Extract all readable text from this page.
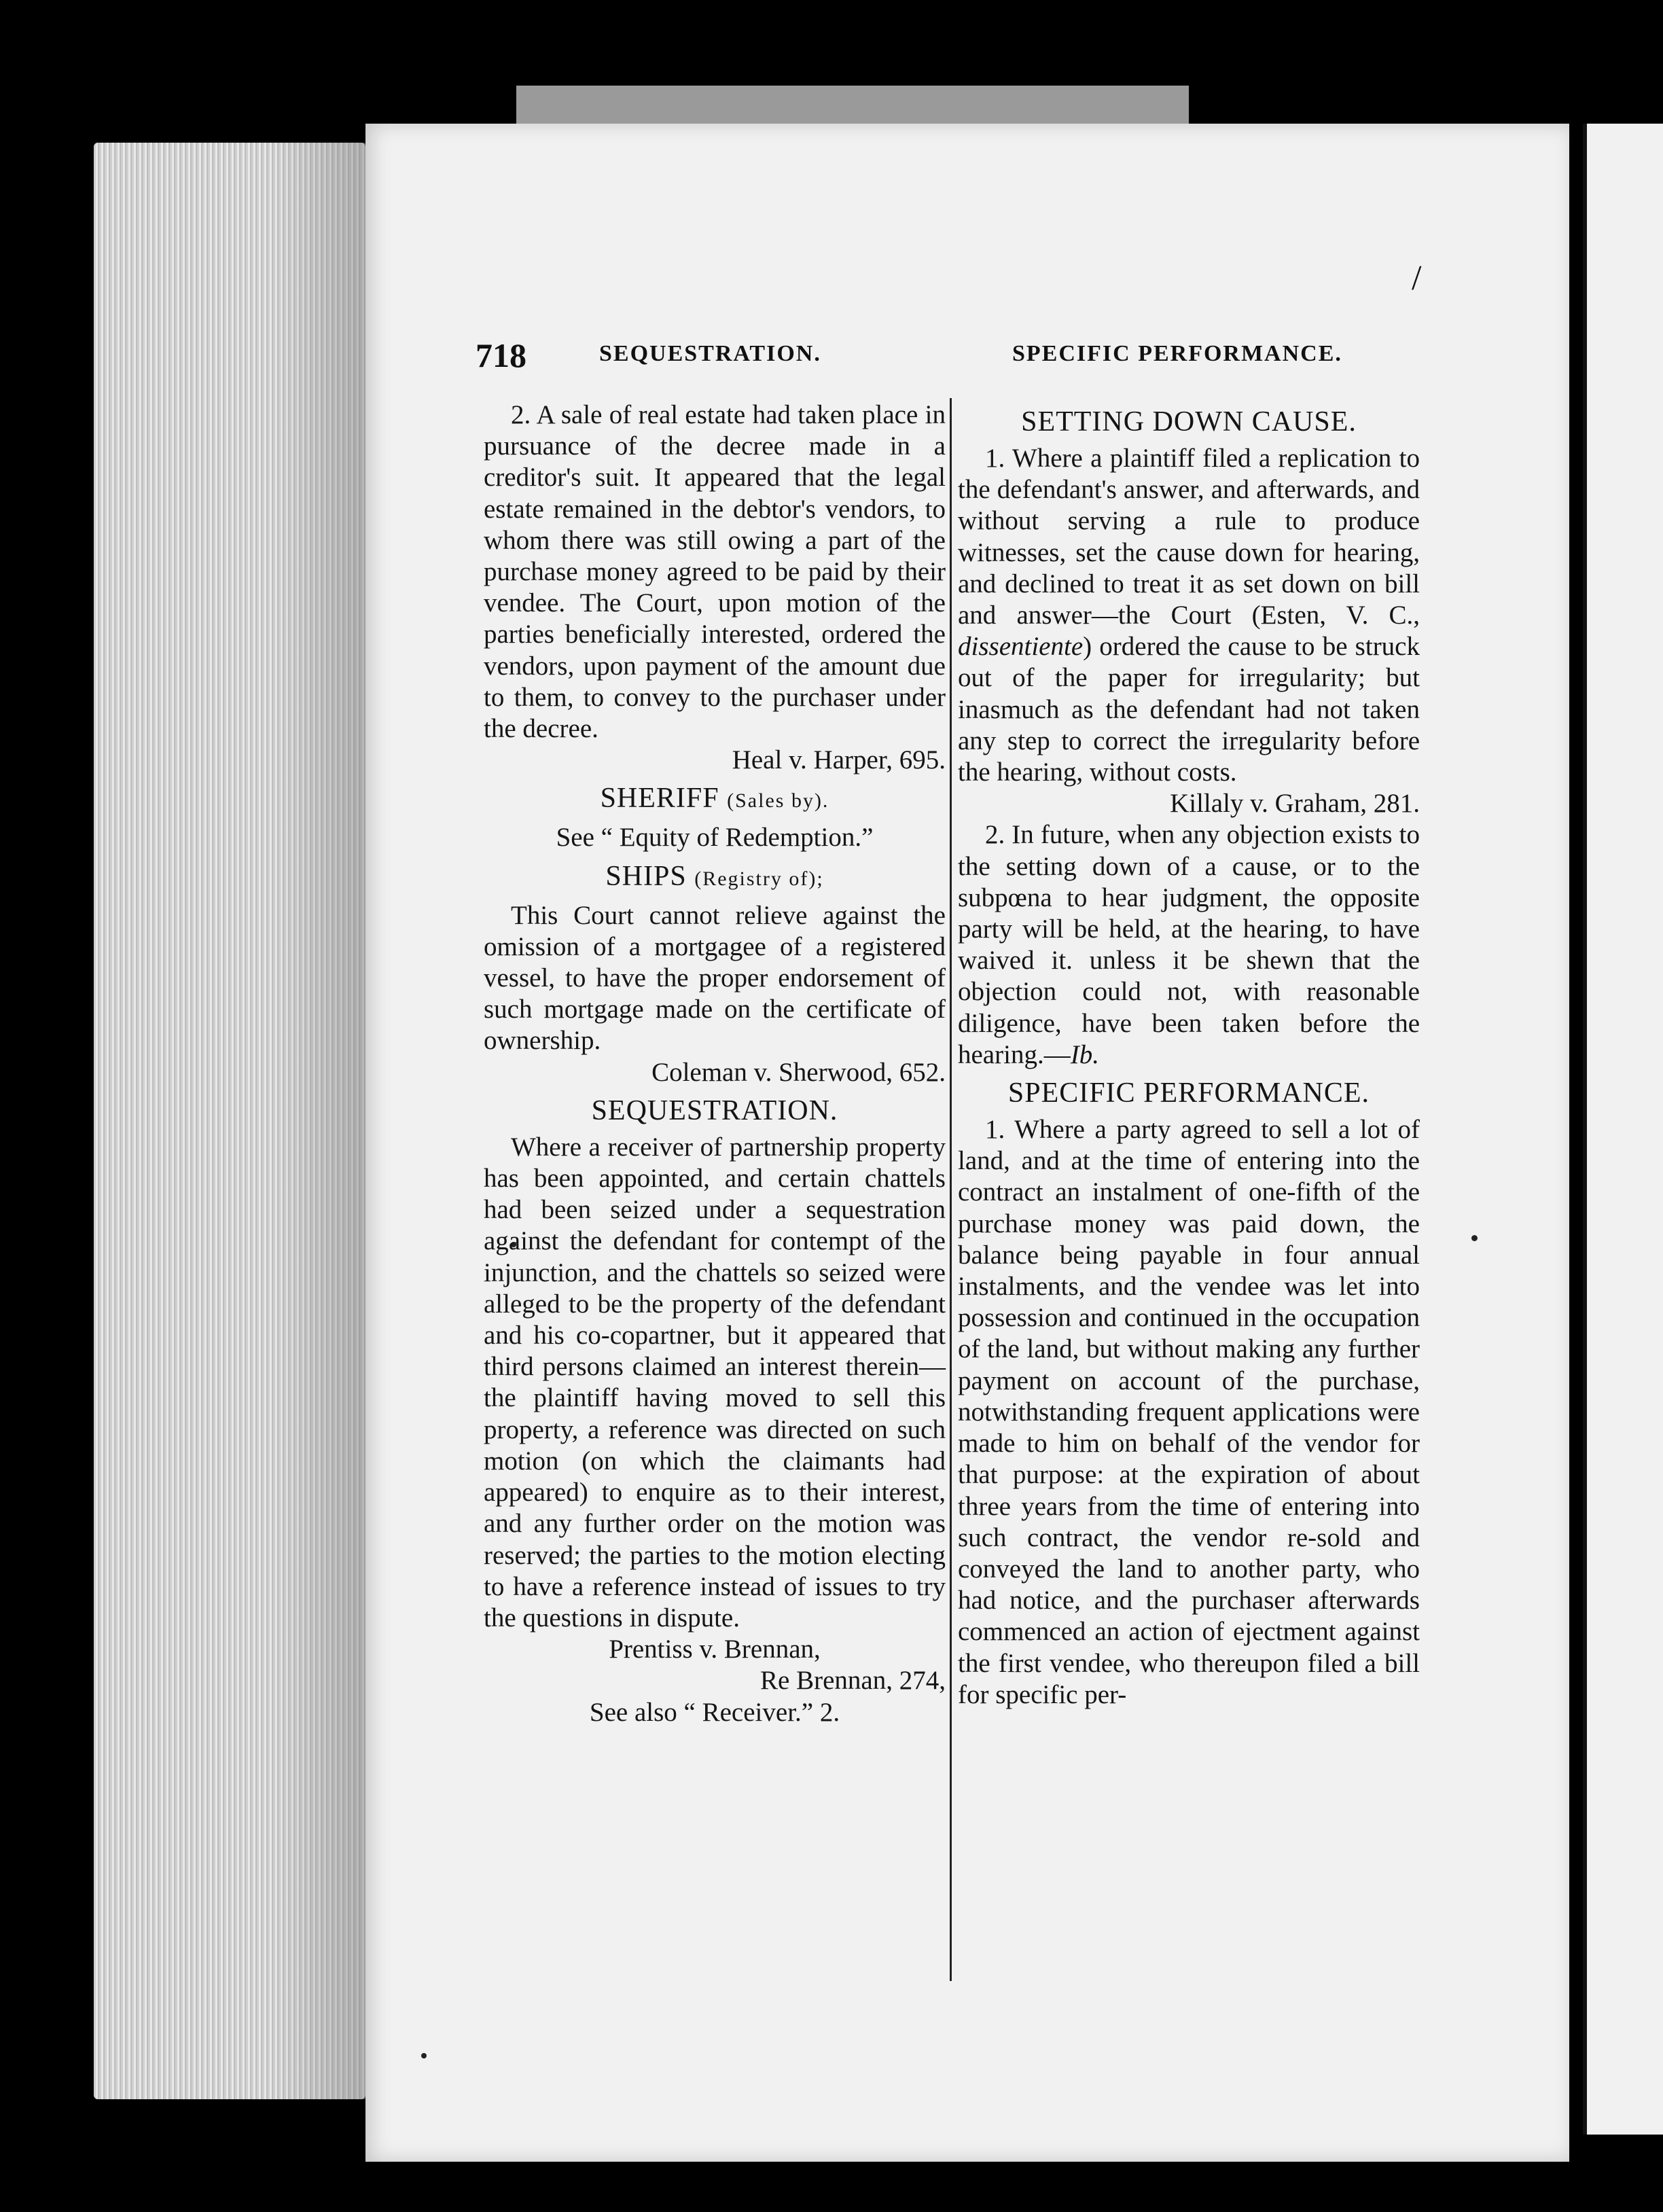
/
718	SEQUESTRATION.	SPECIFIC PERFORMANCE.

2. A sale of real estate had taken place in pursuance of the decree made in a creditor's suit. It appeared that the legal estate remained in the debtor's vendors, to whom there was still owing a part of the purchase money agreed to be paid by their vendee. The Court, upon motion of the parties beneficially interested, ordered the vendors, upon payment of the amount due to them, to convey to the purchaser under the decree.

Heal v. Harper, 695.

SHERIFF (Sales by).

See “ Equity of Redemption.”

SHIPS (Registry of);

This Court cannot relieve against the omission of a mortgagee of a registered vessel, to have the proper endorsement of such mortgage made on the certificate of ownership.

Coleman v. Sherwood, 652.

SEQUESTRATION.

Where a receiver of partnership property has been appointed, and certain chattels had been seized under a sequestration against the defendant for contempt of the injunction, and the chattels so seized were alleged to be the property of the defendant and his co-copartner, but it appeared that third persons claimed an interest therein—the plaintiff having moved to sell this property, a reference was directed on such motion (on which the claimants had appeared) to enquire as to their interest, and any further order on the motion was reserved; the parties to the motion electing to have a reference instead of issues to try the questions in dispute.

Prentiss v. Brennan,

Re Brennan, 274,

See also “ Receiver.” 2.

SETTING DOWN CAUSE.

1. Where a plaintiff filed a replication to the defendant's answer, and afterwards, and without serving a rule to produce witnesses, set the cause down for hearing, and declined to treat it as set down on bill and answer—the Court (Esten, V. C., dissentiente) ordered the cause to be struck out of the paper for irregularity; but inasmuch as the defendant had not taken any step to correct the irregularity before the hearing, without costs.

Killaly v. Graham, 281.

2. In future, when any objection exists to the setting down of a cause, or to the subpœna to hear judgment, the opposite party will be held, at the hearing, to have waived it. unless it be shewn that the objection could not, with reasonable diligence, have been taken before the hearing.—Ib.

SPECIFIC PERFORMANCE.

1. Where a party agreed to sell a lot of land, and at the time of entering into the contract an instalment of one-fifth of the purchase money was paid down, the balance being payable in four annual instalments, and the vendee was let into possession and continued in the occupation of the land, but without making any further payment on account of the purchase, notwithstanding frequent applications were made to him on behalf of the vendor for that purpose: at the expiration of about three years from the time of entering into such contract, the vendor re-sold and conveyed the land to another party, who had notice, and the purchaser afterwards commenced an action of ejectment against the first vendee, who thereupon filed a bill for specific per-
